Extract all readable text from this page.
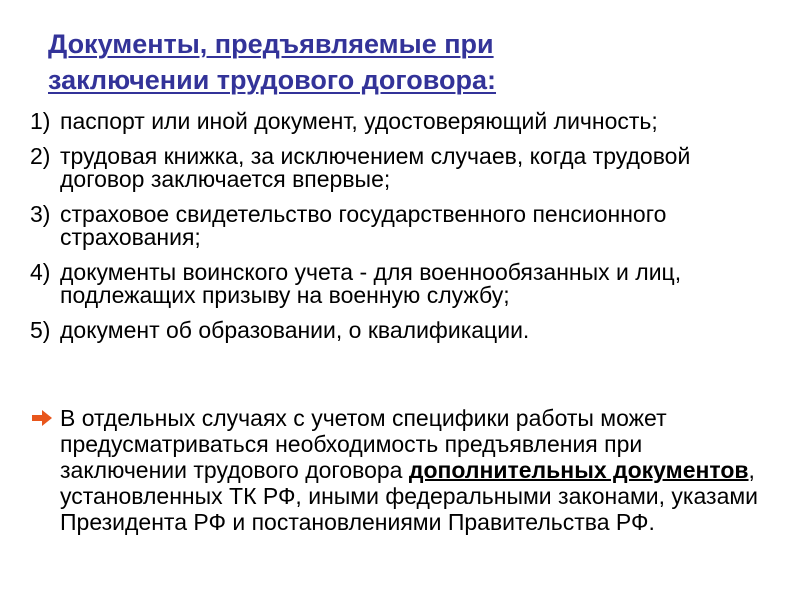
Документы, предъявляемые при
заключении трудового договора:
1) паспорт или иной документ, удостоверяющий личность;
2) трудовая книжка, за исключением случаев, когда трудовой договор заключается впервые;
3) страховое свидетельство государственного пенсионного страхования;
4) документы воинского учета - для военнообязанных и лиц, подлежащих призыву на военную службу;
5) документ об образовании, о квалификации.
В отдельных случаях с учетом специфики работы может предусматриваться необходимость предъявления при заключении трудового договора дополнительных документов, установленных ТК РФ, иными федеральными законами, указами Президента РФ и постановлениями Правительства РФ.
